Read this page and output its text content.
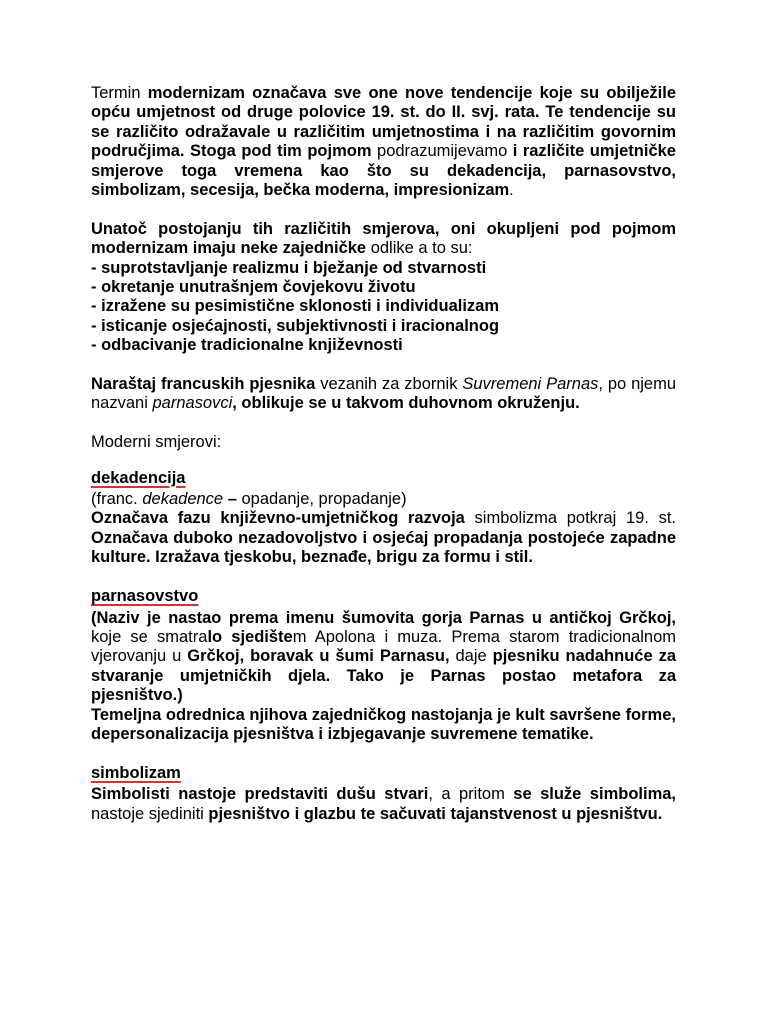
Termin modernizam označava sve one nove tendencije koje su obilježile opću umjetnost od druge polovice 19. st. do II. svj. rata. Te tendencije su se različito odražavale u različitim umjetnostima i na različitim govornim područjima. Stoga pod tim pojmom podrazumijevamo i različite umjetničke smjerove toga vremena kao što su dekadencija, parnasovstvo, simbolizam, secesija, bečka moderna, impresionizam.

Unatoč postojanju tih različitih smjerova, oni okupljeni pod pojmom modernizam imaju neke zajedničke odlike a to su:

- suprotstavljanje realizmu i bježanje od stvarnosti

- okretanje unutrašnjem čovjekovu životu

- izražene su pesimistične sklonosti i individualizam

- isticanje osjećajnosti, subjektivnosti i iracionalnog

- odbacivanje tradicionalne književnosti

Naraštaj francuskih pjesnika vezanih za zbornik Suvremeni Parnas, po njemu nazvani parnasovci, oblikuje se u takvom duhovnom okruženju.

Moderni smjerovi:

dekadencija

(franc. dekadence – opadanje, propadanje)

Označava fazu književno-umjetničkog razvoja simbolizma potkraj 19. st. Označava duboko nezadovoljstvo i osjećaj propadanja postojeće zapadne kulture. Izražava tjeskobu, beznađe, brigu za formu i stil.

parnasovstvo

(Naziv je nastao prema imenu šumovita gorja Parnas u antičkoj Grčkoj, koje se smatralo sjedištem Apolona i muza. Prema starom tradicionalnom vjerovanju u Grčkoj, boravak u šumi Parnasu, daje pjesniku nadahnuće za stvaranje umjetničkih djela. Tako je Parnas postao metafora za pjesništvo.)

Temeljna odrednica njihova zajedničkog nastojanja je kult savršene forme, depersonalizacija pjesništva i izbjegavanje suvremene tematike.

simbolizam

Simbolisti nastoje predstaviti dušu stvari, a pritom se služe simbolima, nastoje sjediniti pjesništvo i glazbu te sačuvati tajanstvenost u pjesništvu.
